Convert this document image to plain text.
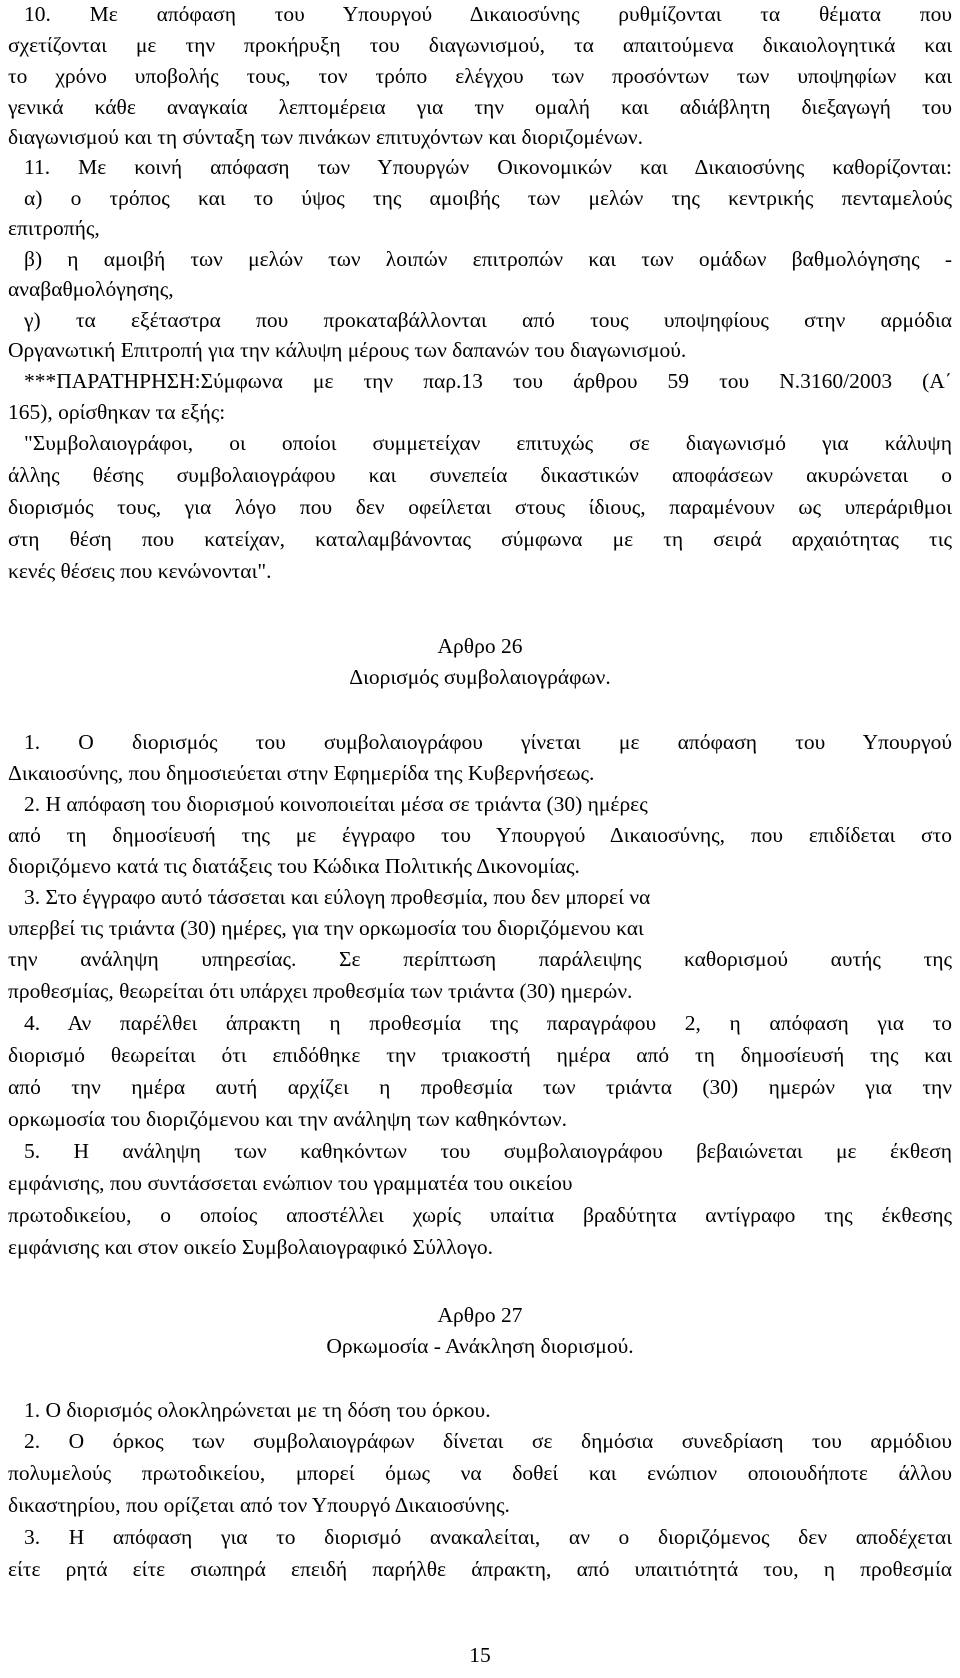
10. Με απόφαση του Υπουργού Δικαιοσύνης ρυθμίζονται τα θέματα που
σχετίζονται με την προκήρυξη του διαγωνισμού, τα απαιτούμενα δικαιολογητικά και
το χρόνο υποβολής τους, τον τρόπο ελέγχου των προσόντων των υποψηφίων και
γενικά κάθε αναγκαία λεπτομέρεια για την ομαλή και αδιάβλητη διεξαγωγή του
διαγωνισμού και τη σύνταξη των πινάκων επιτυχόντων και διοριζομένων.
11. Με κοινή απόφαση των Υπουργών Οικονομικών και Δικαιοσύνης καθορίζονται:
α) ο τρόπος και το ύψος της αμοιβής των μελών της κεντρικής πενταμελούς
επιτροπής,
β) η αμοιβή των μελών των λοιπών επιτροπών και των ομάδων βαθμολόγησης -
αναβαθμολόγησης,
γ) τα εξέταστρα που προκαταβάλλονται από τους υποψηφίους στην αρμόδια
Οργανωτική Επιτροπή για την κάλυψη μέρους των δαπανών του διαγωνισμού.
***ΠΑΡΑΤΗΡΗΣΗ:Σύμφωνα με την παρ.13 του άρθρου 59 του Ν.3160/2003 (Α΄
165), ορίσθηκαν τα εξής:
"Συμβολαιογράφοι, οι οποίοι συμμετείχαν επιτυχώς σε διαγωνισμό για κάλυψη
άλλης θέσης συμβολαιογράφου και συνεπεία δικαστικών αποφάσεων ακυρώνεται ο
διορισμός τους, για λόγο που δεν οφείλεται στους ίδιους, παραμένουν ως υπεράριθμοι
στη θέση που κατείχαν, καταλαμβάνοντας σύμφωνα με τη σειρά αρχαιότητας τις
κενές θέσεις που κενώνονται".
Αρθρο 26
Διορισμός συμβολαιογράφων.
1. Ο διορισμός του συμβολαιογράφου γίνεται με απόφαση του Υπουργού
Δικαιοσύνης, που δημοσιεύεται στην Εφημερίδα της Κυβερνήσεως.
2. Η απόφαση του διορισμού κοινοποιείται μέσα σε τριάντα (30) ημέρες
από τη δημοσίευσή της με έγγραφο του Υπουργού Δικαιοσύνης, που επιδίδεται στο
διοριζόμενο κατά τις διατάξεις του Κώδικα Πολιτικής Δικονομίας.
3. Στο έγγραφο αυτό τάσσεται και εύλογη προθεσμία, που δεν μπορεί να
υπερβεί τις τριάντα (30) ημέρες, για την ορκωμοσία του διοριζόμενου και
την ανάληψη υπηρεσίας. Σε περίπτωση παράλειψης καθορισμού αυτής της
προθεσμίας, θεωρείται ότι υπάρχει προθεσμία των τριάντα (30) ημερών.
4. Αν παρέλθει άπρακτη η προθεσμία της παραγράφου 2, η απόφαση για το
διορισμό θεωρείται ότι επιδόθηκε την τριακοστή ημέρα από τη δημοσίευσή της και
από την ημέρα αυτή αρχίζει η προθεσμία των τριάντα (30) ημερών για την
ορκωμοσία του διοριζόμενου και την ανάληψη των καθηκόντων.
5. Η ανάληψη των καθηκόντων του συμβολαιογράφου βεβαιώνεται με έκθεση
εμφάνισης, που συντάσσεται ενώπιον του γραμματέα του οικείου
πρωτοδικείου, ο οποίος αποστέλλει χωρίς υπαίτια βραδύτητα αντίγραφο της έκθεσης
εμφάνισης και στον οικείο Συμβολαιογραφικό Σύλλογο.
Αρθρο 27
Ορκωμοσία - Ανάκληση διορισμού.
1. Ο διορισμός ολοκληρώνεται με τη δόση του όρκου.
2. Ο όρκος των συμβολαιογράφων δίνεται σε δημόσια συνεδρίαση του αρμόδιου
πολυμελούς πρωτοδικείου, μπορεί όμως να δοθεί και ενώπιον οποιουδήποτε άλλου
δικαστηρίου, που ορίζεται από τον Υπουργό Δικαιοσύνης.
3. Η απόφαση για το διορισμό ανακαλείται, αν ο διοριζόμενος δεν αποδέχεται
είτε ρητά είτε σιωπηρά επειδή παρήλθε άπρακτη, από υπαιτιότητά του, η προθεσμία
15
